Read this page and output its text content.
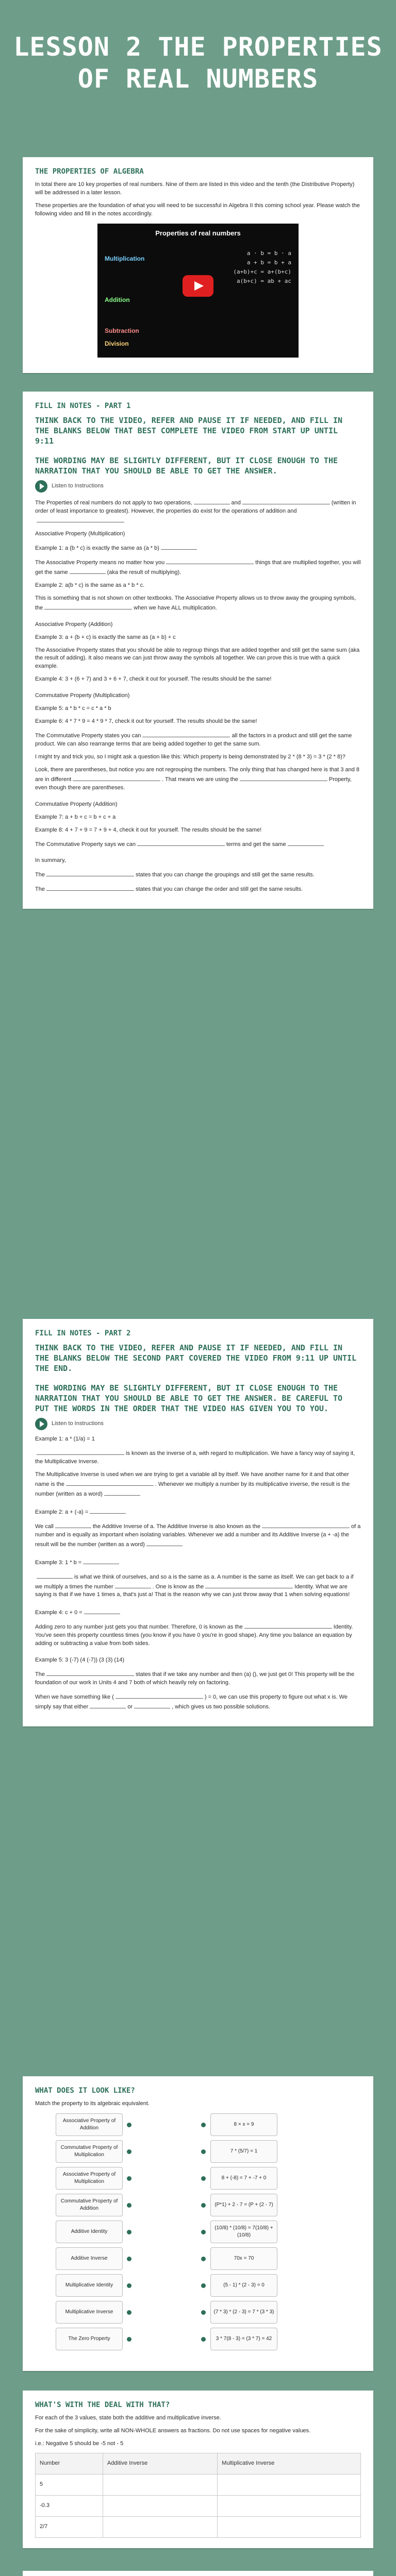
LESSON 2 THE PROPERTIES OF REAL NUMBERS
THE PROPERTIES OF ALGEBRA

In total there are 10 key properties of real numbers. Nine of them are listed in this video and the tenth (the Distributive Property) will be addressed in a later lesson.

These properties are the foundation of what you will need to be successful in Algebra II this coming school year. Please watch the following video and fill in the notes accordingly.

Properties of real numbers
Multiplication
Addition
Subtraction
Division
a · b = b · a
a + b = b + a
(a+b)+c = a+(b+c)
a(b+c) = ab + ac
FILL IN NOTES - PART 1
THINK BACK TO THE VIDEO, REFER AND PAUSE IT IF NEEDED, AND FILL IN THE BLANKS BELOW THAT BEST COMPLETE THE VIDEO FROM START UP UNTIL 9:11
THE WORDING MAY BE SLIGHTLY DIFFERENT, BUT IT CLOSE ENOUGH TO THE NARRATION THAT YOU SHOULD BE ABLE TO GET THE ANSWER.
Listen to Instructions

The Properties of real numbers do not apply to two operations,	and	(written in order of least importance to greatest). However, the properties do exist for the operations of addition and

Associative Property (Multiplication)

Example 1: a (b * c) is exactly the same as (a * b)

The Associative Property means no matter how you	things that are multiplied together, you will get the same	(aka the result of multiplying).

Example 2: a(b * c) is the same as a * b * c.

This is something that is not shown on other textbooks. The Associative Property allows us to throw away the grouping symbols, the	when we have ALL multiplication.

Associative Property (Addition)

Example 3: a + (b + c) is exactly the same as (a + b) + c

The Associative Property states that you should be able to regroup things that are added together and still get the same sum (aka the result of adding). It also means we can just throw away the symbols all together. We can prove this is true with a quick example.

Example 4: 3 + (6 + 7) and 3 + 6 + 7, check it out for yourself. The results should be the same!

Commutative Property (Multiplication)

Example 5: a * b * c = c * a * b

Example 6: 4 * 7 * 9 = 4 * 9 * 7, check it out for yourself. The results should be the same!

The Commutative Property states you can	all the factors in a product and still get the same product. We can also rearrange terms that are being added together to get the same sum.

I might try and trick you, so I might ask a question like this: Which property is being demonstrated by 2 * (8 * 3) = 3 * (2 * 8)?

Look, there are parentheses, but notice you are not regrouping the numbers. The only thing that has changed here is that 3 and 8 are in different	. That means we are using the	Property, even though there are parentheses.

Commutative Property (Addition)

Example 7: a + b + c = b + c + a

Example 8: 4 + 7 + 9 = 7 + 9 + 4, check it out for yourself. The results should be the same!

The Commutative Property says we can	terms and get the same

In summary,

The	states that you can change the groupings and still get the same results.

The	states that you can change the order and still get the same results.

FILL IN NOTES - PART 2
THINK BACK TO THE VIDEO, REFER AND PAUSE IT IF NEEDED, AND FILL IN THE BLANKS BELOW THE SECOND PART COVERED THE VIDEO FROM 9:11 UP UNTIL THE END.
THE WORDING MAY BE SLIGHTLY DIFFERENT, BUT IT CLOSE ENOUGH TO THE NARRATION THAT YOU SHOULD BE ABLE TO GET THE ANSWER. BE CAREFUL TO PUT THE WORDS IN THE ORDER THAT THE VIDEO HAS GIVEN YOU TO YOU.
Listen to Instructions

Example 1: a * (1/a) = 1

is known as the inverse of a, with regard to multiplication. We have a fancy way of saying it, the Multiplicative Inverse.

The Multiplicative Inverse is used when we are trying to get a variable all by itself. We have another name for it and that other name is the	. Whenever we multiply a number by its multiplicative inverse, the result is the number (written as a word)

Example 2: a + (-a) =

We call	the Additive Inverse of a. The Additive Inverse is also known as the	of a number and is equally as important when isolating variables. Whenever we add a number and its Additive Inverse (a + -a) the result will be the number (written as a word)

Example 3: 1 * b =

is what we think of ourselves, and so a is the same as a. A number is the same as itself. We can get back to a if we multiply a times the number	. One is know as the	Identity. What we are saying is that if we have 1 times a, that's just a! That is the reason why we can just throw away that 1 when solving equations!

Example 4: c + 0 =

Adding zero to any number just gets you that number. Therefore, 0 is known as the	Identity. You've seen this property countless times (you know if you have 0 you're in good shape). Any time you balance an equation by adding or subtracting a value from both sides.

Example 5: 3 (-7) (4 (-7)) (3 (3) (14)

The	states that if we take any number and then (a) (), we just get 0! This property will be the foundation of our work in Units 4 and 7 both of which heavily rely on factoring.

When we have something like (	) = 0, we can use this property to figure out what x is. We simply say that either	or	, which gives us two possible solutions.

WHAT DOES IT LOOK LIKE?

Match the property to its algebraic equivalent.

Associative Property of Addition
Commutative Property of Multiplication
Associative Property of Multiplication
Commutative Property of Addition
Additive Identity
Additive Inverse
Multiplicative Identity
Multiplicative Inverse
The Zero Property
8 × x = 9
7 * (5/7) = 1
8 + (-8) = 7 + -7 + 0
(P*1) + 2 - 7 = (P + (2 - 7)
(10/8) * (10/8) = 7(10/8) + (10/8)
70x = 70
(5 - 1) * (2 - 3) = 0
(7 * 3) * (2 - 3) = 7 * (3 * 3)
3 * 7(8 - 3) = (3 * 7) = 42
WHAT'S WITH THE DEAL WITH THAT?

For each of the 3 values, state both the additive and multiplicative inverse.

For the sake of simplicity, write all NON-WHOLE answers as fractions. Do not use spaces for negative values.

i.e.: Negative 5 should be -5 not - 5

Number	Additive Inverse	Multiplicative Inverse
5		
-0.3		
2/7		
